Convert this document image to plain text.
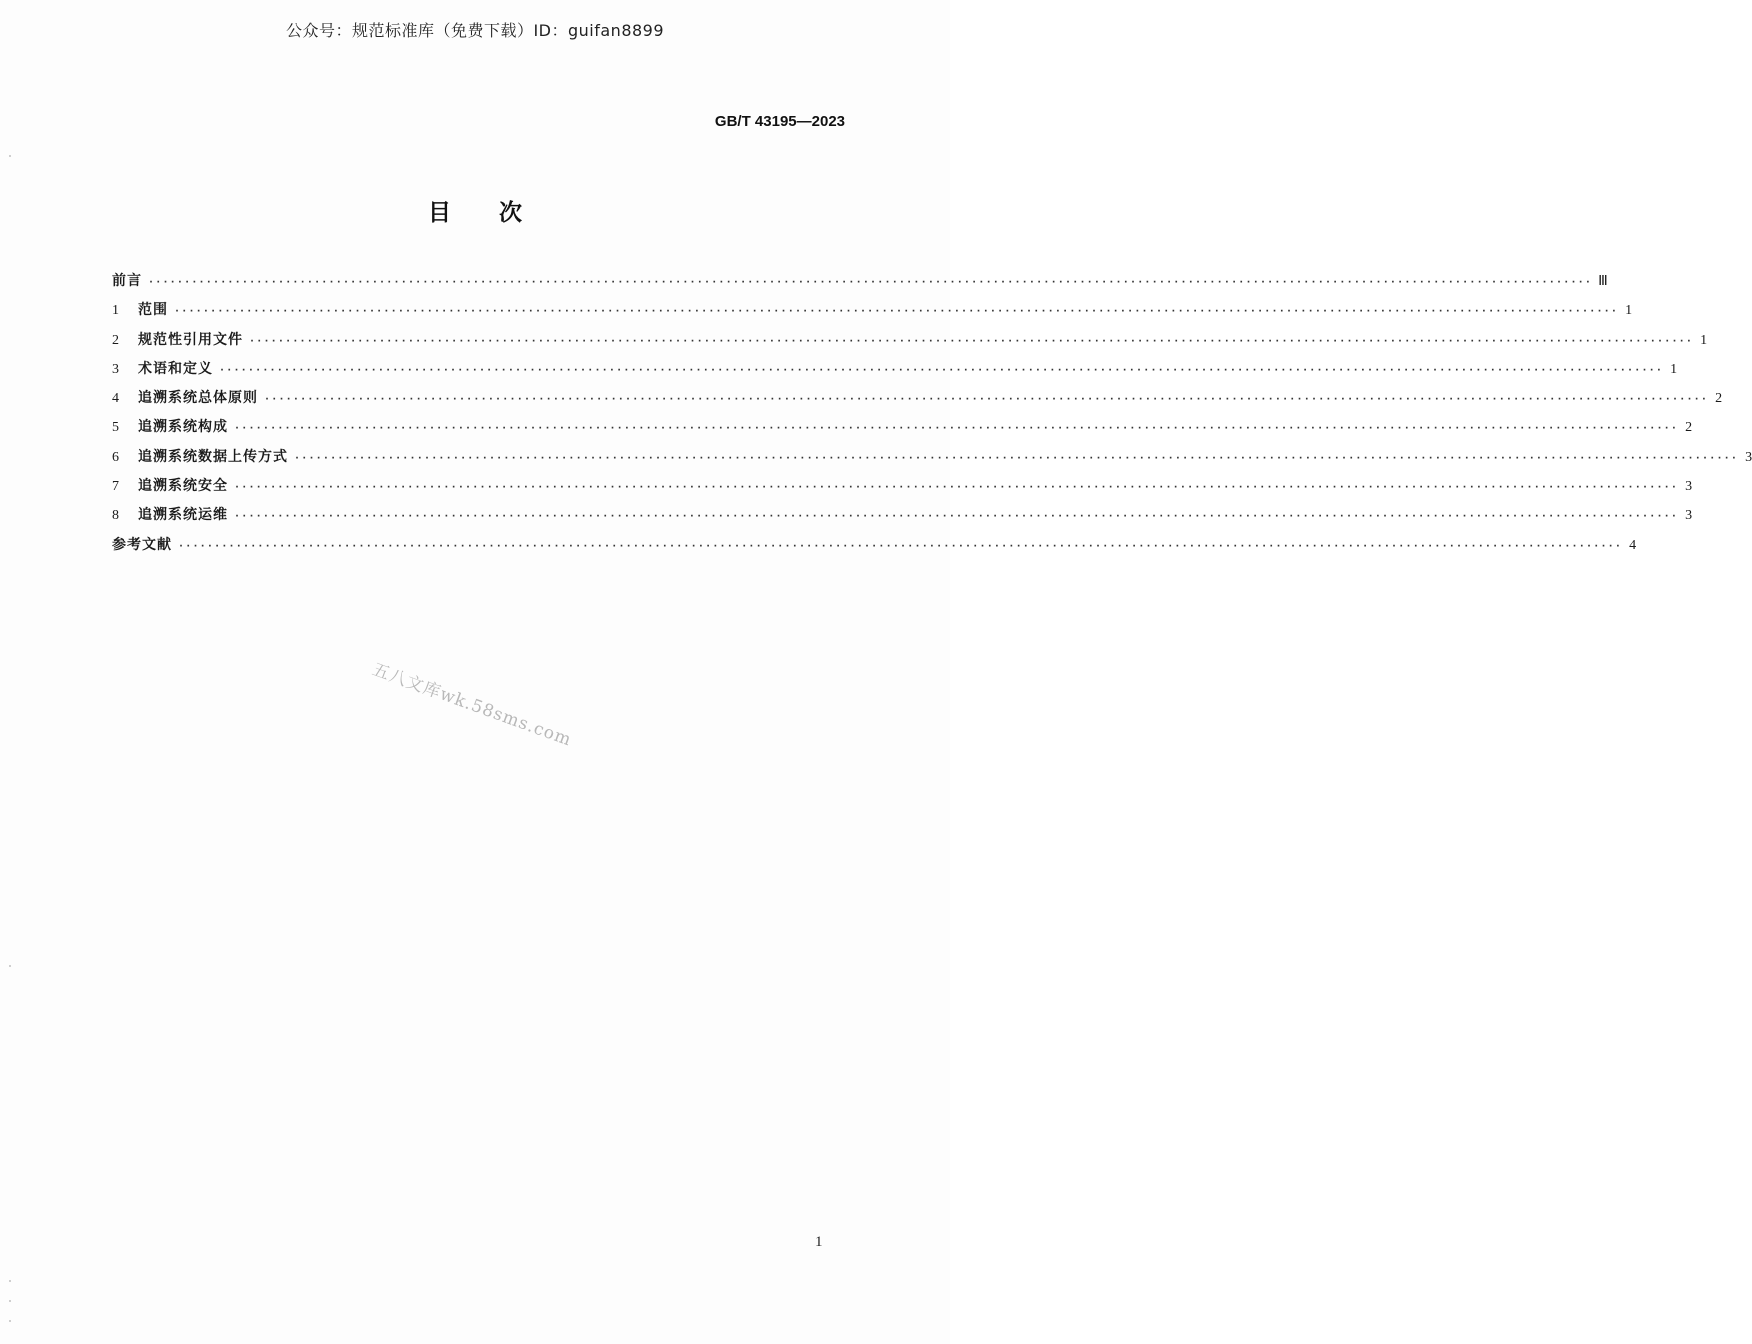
公众号：规范标准库（免费下载）ID：guifan8899
GB/T 43195—2023
目次
前言 ········································································································································································································ Ⅲ
1	范围 ········································································································································································································ 1
2	规范性引用文件 ········································································································································································································ 1
3	术语和定义 ········································································································································································································ 1
4	追溯系统总体原则 ········································································································································································································ 2
5	追溯系统构成 ········································································································································································································ 2
6	追溯系统数据上传方式 ········································································································································································································ 3
7	追溯系统安全 ········································································································································································································ 3
8	追溯系统运维 ········································································································································································································ 3
参考文献 ········································································································································································································ 4
五八文库wk.58sms.com
1
